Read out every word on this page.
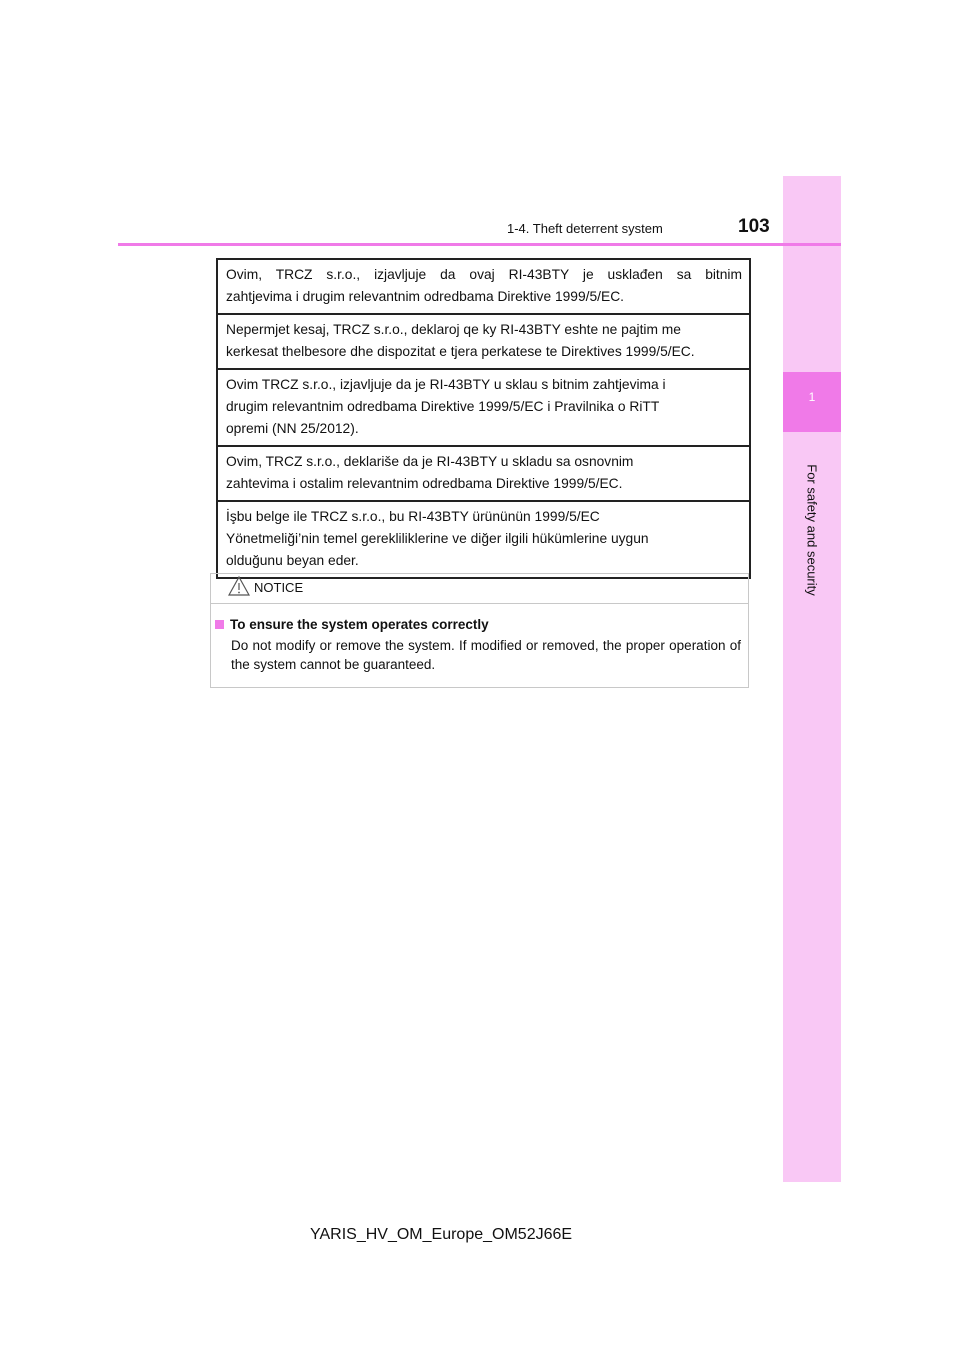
1
For safety and security
1-4. Theft deterrent system	103

Ovim, TRCZ s.r.o., izjavljuje da ovaj RI-43BTY je usklađen sa bitnim

zahtjevima i drugim relevantnim odredbama Direktive 1999/5/EC.

Nepermjet kesaj, TRCZ s.r.o., deklaroj qe ky RI-43BTY eshte ne pajtim me

kerkesat thelbesore dhe dispozitat e tjera perkatese te Direktives 1999/5/EC.

Ovim TRCZ s.r.o., izjavljuje da je RI-43BTY u sklau s bitnim zahtjevima i

drugim relevantnim odredbama Direktive 1999/5/EC i Pravilnika o RiTT

opremi (NN 25/2012).

Ovim, TRCZ s.r.o., deklariše da je RI-43BTY u skladu sa osnovnim

zahtevima i ostalim relevantnim odredbama Direktive 1999/5/EC.

İşbu belge ile TRCZ s.r.o., bu RI-43BTY ürününün 1999/5/EC

Yönetmeliği’nin temel gerekliliklerine ve diğer ilgili hükümlerine uygun

olduğunu beyan eder.

NOTICE
To ensure the system operates correctly
Do not modify or remove the system. If modified or removed, the proper operation of the system cannot be guaranteed.
YARIS_HV_OM_Europe_OM52J66E
